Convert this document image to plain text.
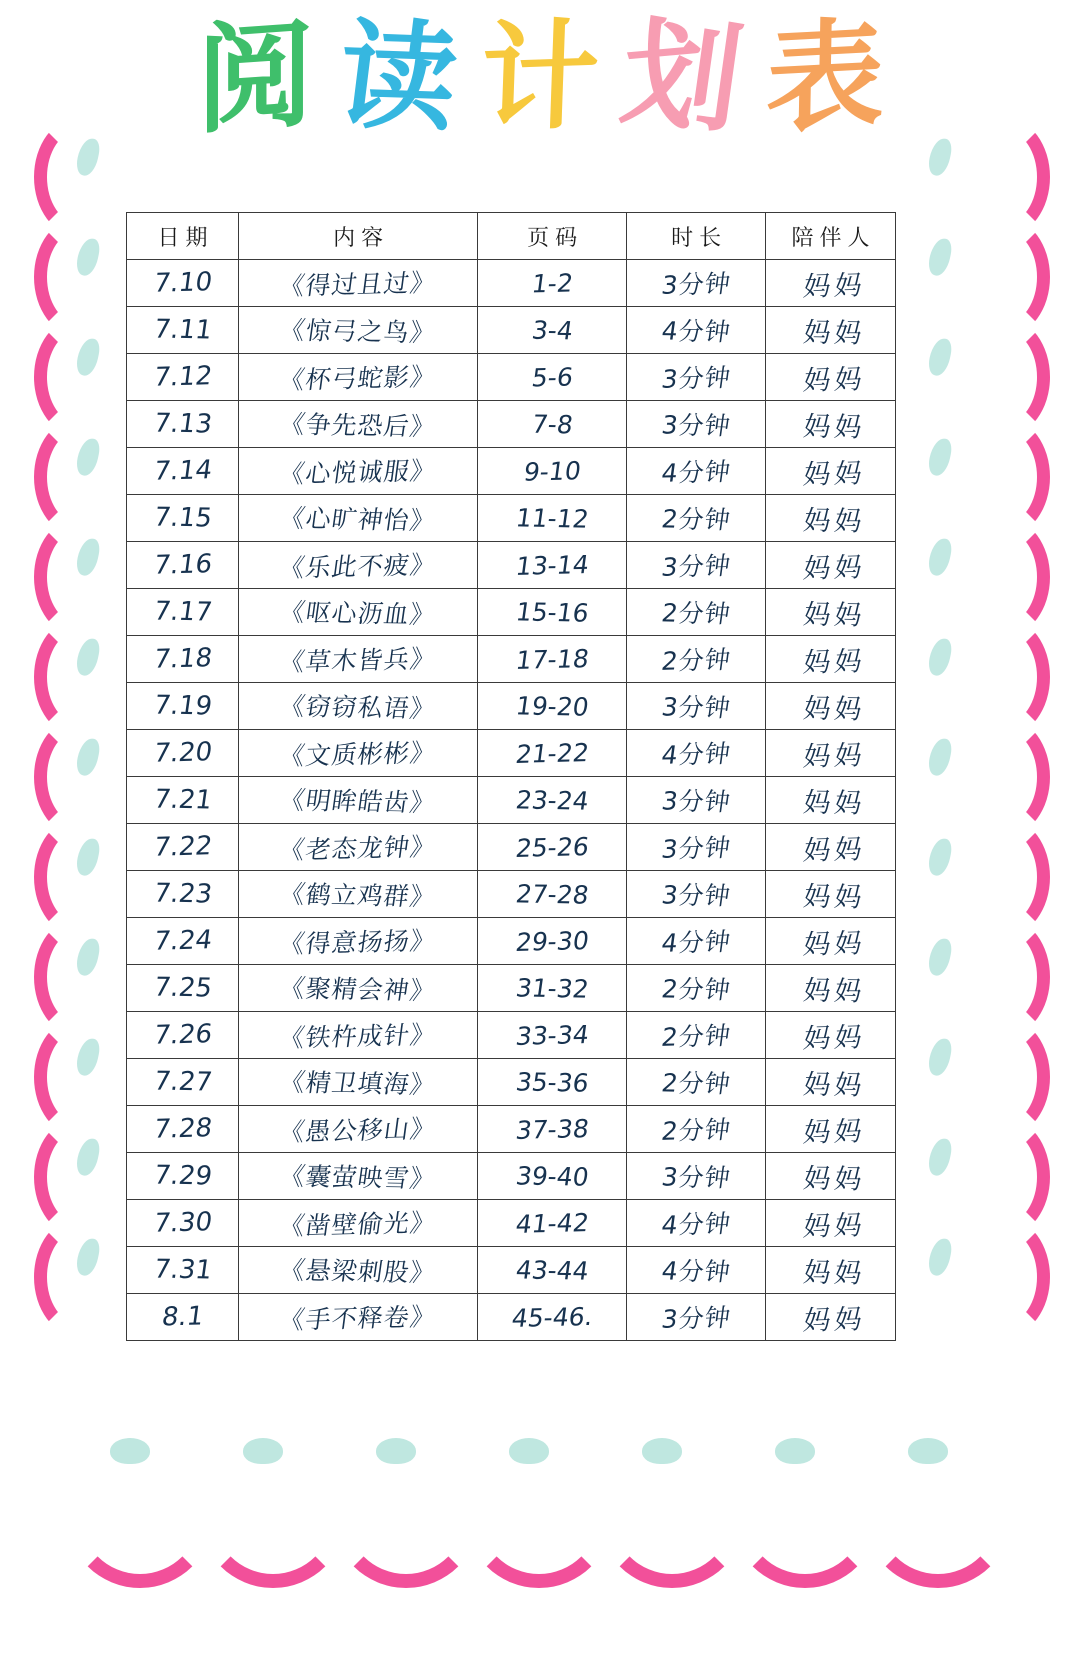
阅 读 计 划 表
日期	内容	页码	时长	陪伴人
7.10	《得过且过》	1-2	3分钟	妈妈
7.11	《惊弓之鸟》	3-4	4分钟	妈妈
7.12	《杯弓蛇影》	5-6	3分钟	妈妈
7.13	《争先恐后》	7-8	3分钟	妈妈
7.14	《心悦诚服》	9-10	4分钟	妈妈
7.15	《心旷神怡》	11-12	2分钟	妈妈
7.16	《乐此不疲》	13-14	3分钟	妈妈
7.17	《呕心沥血》	15-16	2分钟	妈妈
7.18	《草木皆兵》	17-18	2分钟	妈妈
7.19	《窃窃私语》	19-20	3分钟	妈妈
7.20	《文质彬彬》	21-22	4分钟	妈妈
7.21	《明眸皓齿》	23-24	3分钟	妈妈
7.22	《老态龙钟》	25-26	3分钟	妈妈
7.23	《鹤立鸡群》	27-28	3分钟	妈妈
7.24	《得意扬扬》	29-30	4分钟	妈妈
7.25	《聚精会神》	31-32	2分钟	妈妈
7.26	《铁杵成针》	33-34	2分钟	妈妈
7.27	《精卫填海》	35-36	2分钟	妈妈
7.28	《愚公移山》	37-38	2分钟	妈妈
7.29	《囊萤映雪》	39-40	3分钟	妈妈
7.30	《凿壁偷光》	41-42	4分钟	妈妈
7.31	《悬梁刺股》	43-44	4分钟	妈妈
8.1	《手不释卷》	45-46.	3分钟	妈妈
